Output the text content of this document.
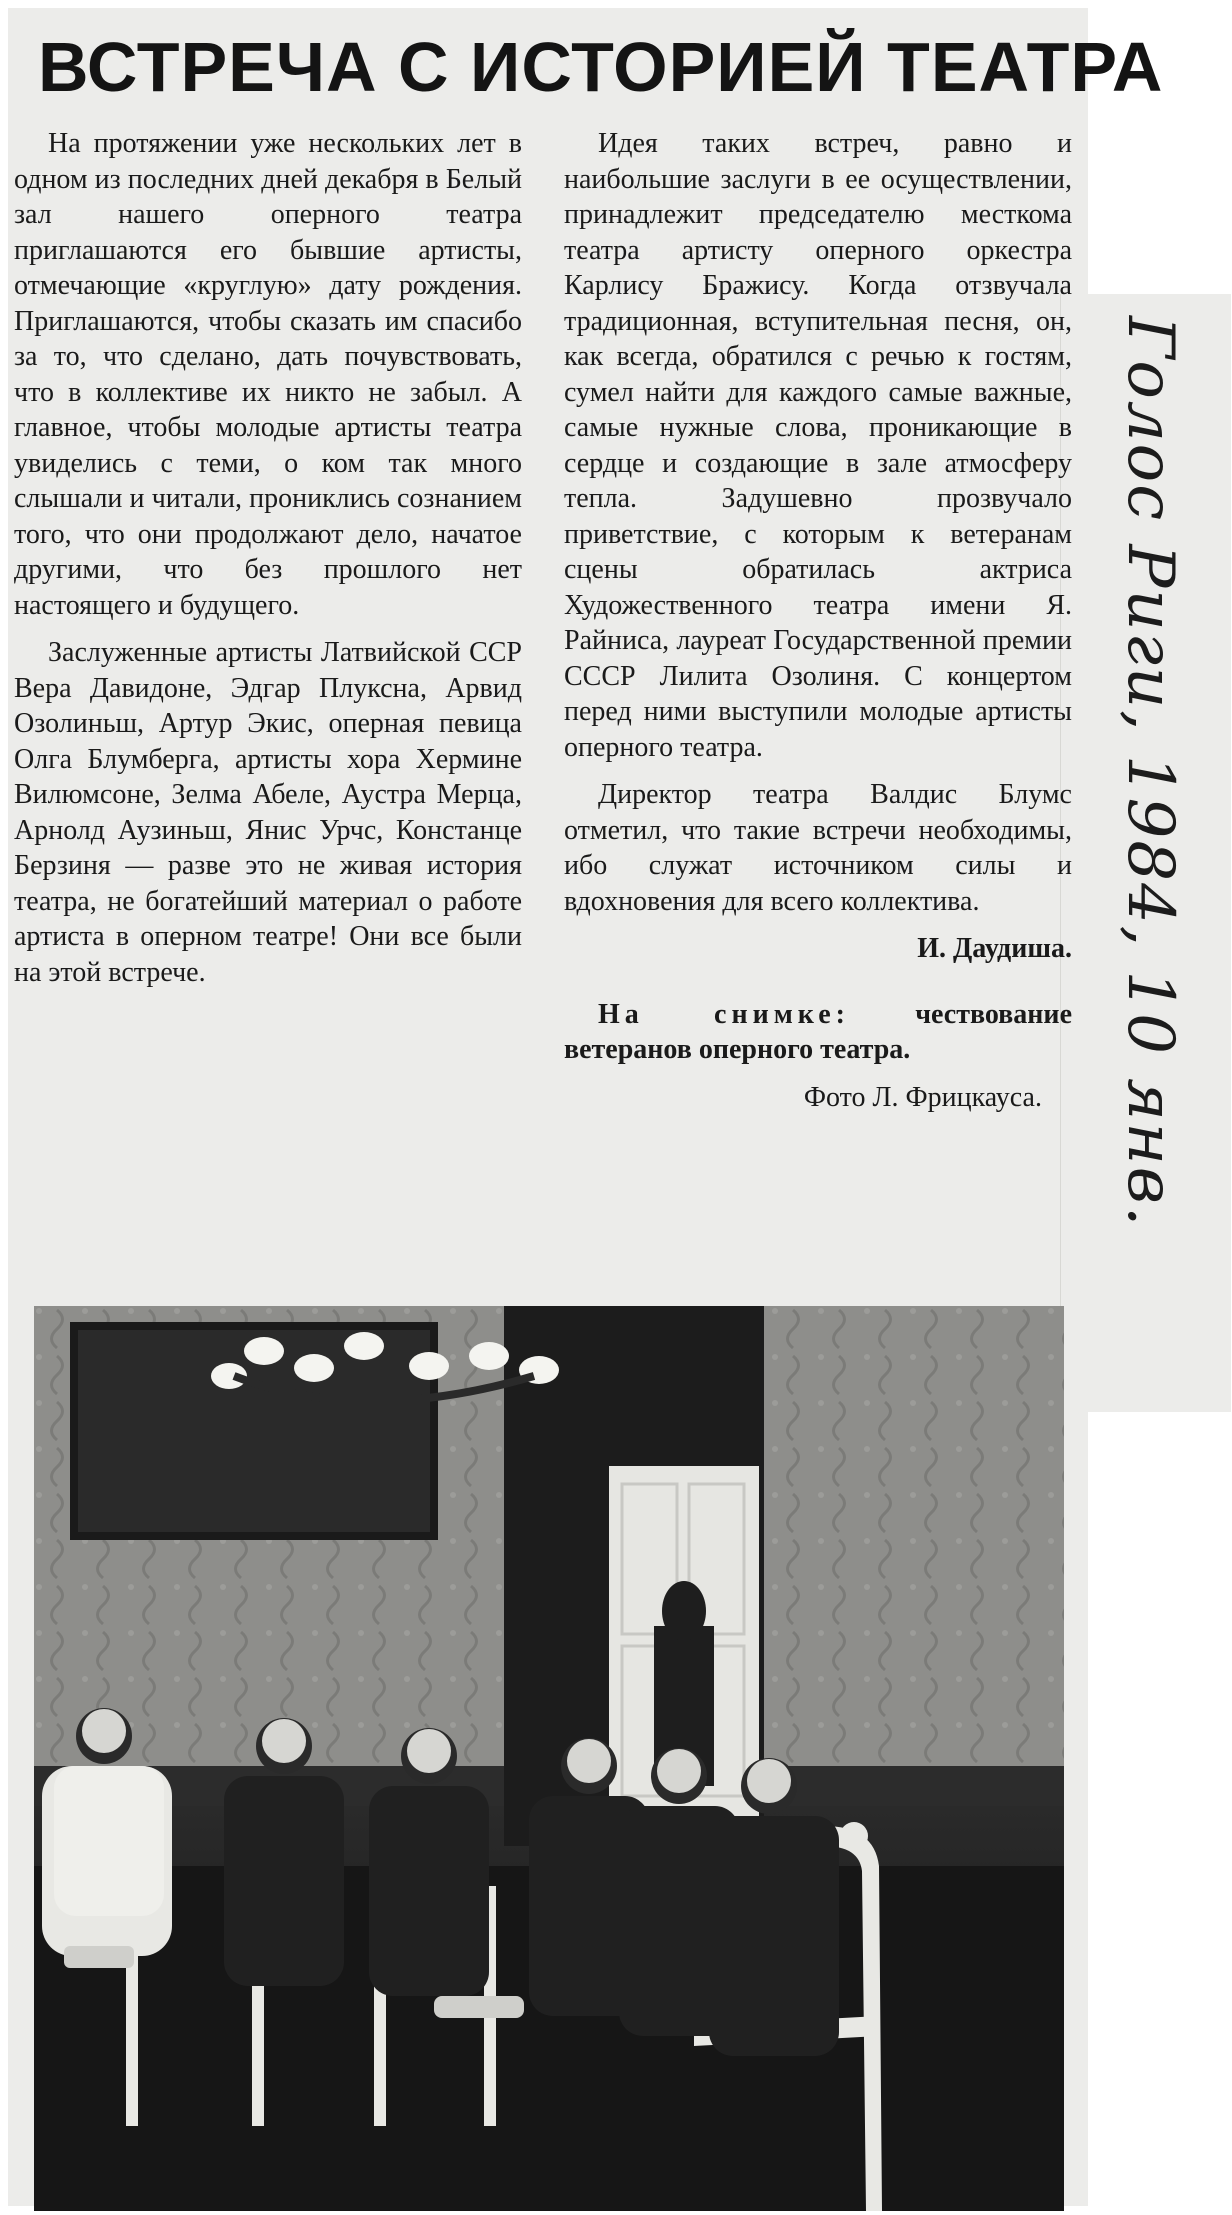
ВСТРЕЧА С ИСТОРИЕЙ ТЕАТРА

На протяжении уже нескольких лет в одном из последних дней декабря в Белый зал нашего оперного театра приглашаются его бывшие артисты, отмечающие «круглую» дату рождения. Приглашаются, чтобы сказать им спасибо за то, что сделано, дать почувствовать, что в коллективе их никто не забыл. А главное, чтобы молодые артисты театра увиделись с теми, о ком так много слышали и читали, прониклись сознанием того, что они продолжают дело, начатое другими, что без прошлого нет настоящего и будущего.

Заслуженные артисты Латвийской ССР Вера Давидоне, Эдгар Плуксна, Арвид Озолиньш, Артур Экис, оперная певица Олга Блумберга, артисты хора Хермине Вилюмсоне, Зелма Абеле, Аустра Мерца, Арнолд Аузиньш, Янис Урчс, Констанце Берзиня — разве это не живая история театра, не богатейший материал о работе артиста в оперном театре! Они все были на этой встрече.

Идея таких встреч, равно и наибольшие заслуги в ее осуществлении, принадлежит председателю месткома театра артисту оперного оркестра Карлису Бражису. Когда отзвучала традиционная, вступительная песня, он, как всегда, обратился с речью к гостям, сумел найти для каждого самые важные, самые нужные слова, проникающие в сердце и создающие в зале атмосферу тепла. Задушевно прозвучало приветствие, с которым к ветеранам сцены обратилась актриса Художественного театра имени Я. Райниса, лауреат Государственной премии СССР Лилита Озолиня. С концертом перед ними выступили молодые артисты оперного театра.

Директор театра Валдис Блумс отметил, что такие встречи необходимы, ибо служат источником силы и вдохновения для всего коллектива.

И. Даудиша.

На снимке: чествование ветеранов оперного театра.

Фото Л. Фрицкауса.	Голос Риги, 1984, 10 янв.
